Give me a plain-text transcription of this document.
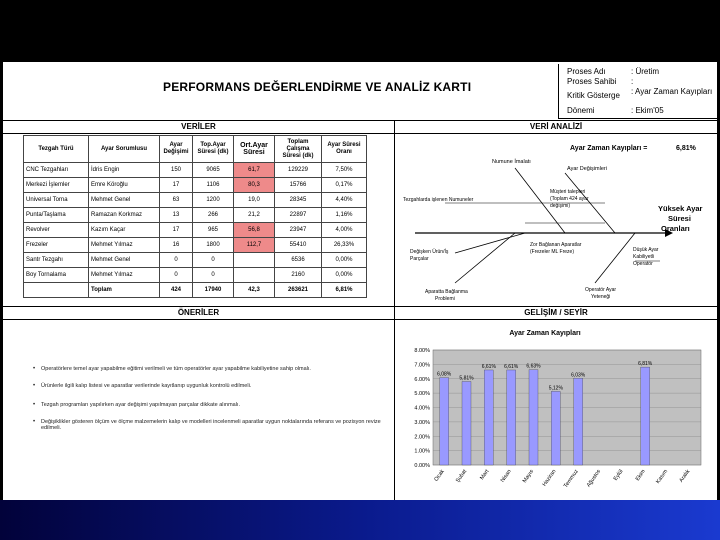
PERFORMANS DEĞERLENDİRME VE ANALİZ KARTI
Proses Adı	: Üretim
Proses Sahibi :
Kritik Gösterge : Ayar Zaman Kayıpları
Dönemi	: Ekim'05
VERİLER	VERİ ANALİZİ
Tezgah Türü	Ayar Sorumlusu	Ayar Değişimi	Top.Ayar Süresi (dk)	Ort.Ayar Süresi	Toplam Çalışma Süresi (dk)	Ayar Süresi Oranı
CNC Tezgahları	İdris Engin	150	9065	61,7	129229	7,50%
Merkezi İşlemler	Emre Köroğlu	17	1106	80,3	15766	0,17%
Universal Torna	Mehmet Genel	63	1200	19,0	28345	4,40%
Punta/Taşlama	Ramazan Korkmaz	13	266	21,2	22897	1,16%
Revolver	Kazım Kaçar	17	965	56,8	23947	4,00%
Frezeler	Mehmet Yılmaz	16	1800	112,7	55410	26,33%
Santr Tezgahı	Mehmet Genel	0	0		6536	0,00%
Boy Tornalama	Mehmet Yılmaz	0	0		2160	0,00%
	Toplam	424	17940	42,3	263621	6,81%
Ayar Zaman Kayıpları =	6,81%
Numune İmalatı
Ayar Değişimleri
Tezgahlarda işlenen Numuneler
Müşteri talepleri (Toplam 424 ayar değişimi)	Yüksek Ayar Süresi Oranları
Değişken Ürün/İş Parçalar
Zor Bağlanan Aparatlar (Frezeler ML Freze)
Aparatta Bağlanma Problemi
Operatör Ayar Yeteneği
Düşük Ayar Kabiliyetli Operatör
ÖNERİLER	GELİŞİM / SEYİR
• Operatörlere temel ayar yapabilme eğitimi verilmeli ve tüm operatörler ayar yapabilme kabiliyetine sahip olmalı.
• Ürünlerle ilgili kalıp listesi ve aparatlar verilerinde kayıtlanıp uygunluk kontrolü edilmeli.
• Tezgah programları yapılırken ayar değişimi yapılmayan parçalar dikkate alınmalı.
• Değişiklikler gösteren ölçüm ve ölçme malzemelerin kalıp ve modelleri incelenmeli aparatlar uygun noktalarında referans ve pozisyon revize edilmeli.
Ayar Zaman Kayıpları
0.00%
1.00%
2.00%
3.00%
4.00%
5.00%
6.00%
7.00%
8.00%
6,08%
Ocak
5,81%
Şubat
6,61%
Mart
6,61%
Nisan
6,63%
Mayıs
5,12%
Haziran
6,03%
Temmuz Ağustos Eylül
6,81%
Ekim Kasım Aralık
